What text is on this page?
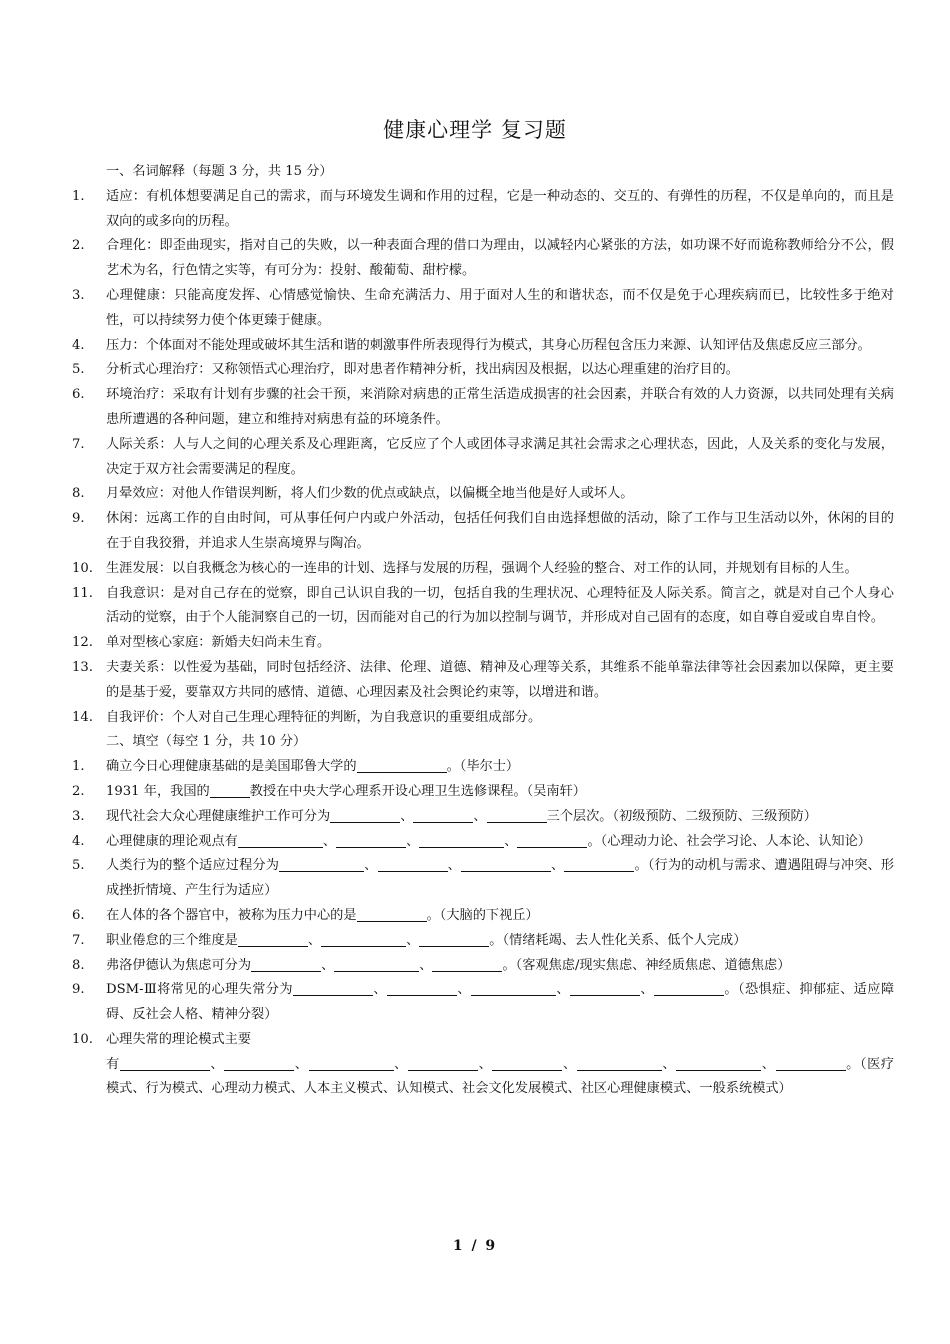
健康心理学 复习题
一、名词解释（每题 3 分，共 15 分）
1.	适应：有机体想要满足自己的需求，而与环境发生调和作用的过程，它是一种动态的、交互的、有弹性的历程，不仅是单向的，而且是双向的或多向的历程。
2.	合理化：即歪曲现实，指对自己的失败，以一种表面合理的借口为理由，以减轻内心紧张的方法，如功课不好而诡称教师给分不公，假艺术为名，行色情之实等，有可分为：投射、酸葡萄、甜柠檬。
3.	心理健康：只能高度发挥、心情感觉愉快、生命充满活力、用于面对人生的和谐状态，而不仅是免于心理疾病而已，比较性多于绝对性，可以持续努力使个体更臻于健康。
4.	压力：个体面对不能处理或破坏其生活和谐的刺激事件所表现得行为模式，其身心历程包含压力来源、认知评估及焦虑反应三部分。
5.	分析式心理治疗：又称领悟式心理治疗，即对患者作精神分析，找出病因及根据，以达心理重建的治疗目的。
6.	环境治疗：采取有计划有步骤的社会干预，来消除对病患的正常生活造成损害的社会因素，并联合有效的人力资源，以共同处理有关病患所遭遇的各种问题，建立和维持对病患有益的环境条件。
7.	人际关系：人与人之间的心理关系及心理距离，它反应了个人或团体寻求满足其社会需求之心理状态，因此，人及关系的变化与发展，决定于双方社会需要满足的程度。
8.	月晕效应：对他人作错误判断，将人们少数的优点或缺点，以偏概全地当他是好人或坏人。
9.	休闲：远离工作的自由时间，可从事任何户内或户外活动，包括任何我们自由选择想做的活动，除了工作与卫生活动以外，休闲的目的在于自我狡猾，并追求人生崇高境界与陶冶。
10. 生涯发展：以自我概念为核心的一连串的计划、选择与发展的历程，强调个人经验的整合、对工作的认同，并规划有目标的人生。
11. 自我意识：是对自己存在的觉察，即自己认识自我的一切，包括自我的生理状况、心理特征及人际关系。简言之，就是对自己个人身心活动的觉察，由于个人能洞察自己的一切，因而能对自己的行为加以控制与调节，并形成对自己固有的态度，如自尊自爱或自卑自怜。
12. 单对型核心家庭：新婚夫妇尚未生育。
13. 夫妻关系：以性爱为基础，同时包括经济、法律、伦理、道德、精神及心理等关系，其维系不能单靠法律等社会因素加以保障，更主要的是基于爱，要靠双方共同的感情、道德、心理因素及社会舆论约束等，以增进和谐。
14. 自我评价：个人对自己生理心理特征的判断，为自我意识的重要组成部分。
二、填空（每空 1 分，共 10 分）
1.	确立今日心理健康基础的是美国耶鲁大学的	。（毕尔士）
2.	1931 年，我国的	教授在中央大学心理系开设心理卫生选修课程。（吴南轩）
3.	现代社会大众心理健康维护工作可分为	、	、	三个层次。（初级预防、二级预防、三级预防）
4.	心理健康的理论观点有	、	、	、	。（心理动力论、社会学习论、人本论、认知论）
5.	人类行为的整个适应过程分为	、	、	、	。（行为的动机与需求、遭遇阻碍与冲突、形成挫折情境、产生行为适应）
6.	在人体的各个器官中，被称为压力中心的是	。（大脑的下视丘）
7.	职业倦怠的三个维度是	、	、	。（情绪耗竭、去人性化关系、低个人完成）
8.	弗洛伊德认为焦虑可分为	、	、	。（客观焦虑/现实焦虑、神经质焦虑、道德焦虑）
9.	DSM-Ⅲ将常见的心理失常分为	、	、	、	、	。（恐惧症、抑郁症、适应障碍、反社会人格、精神分裂）
10. 心理失常的理论模式主要
有	、	、	、	、	、	、	、	。（医疗模式、行为模式、心理动力模式、人本主义模式、认知模式、社会文化发展模式、社区心理健康模式、一般系统模式）
1 / 9
